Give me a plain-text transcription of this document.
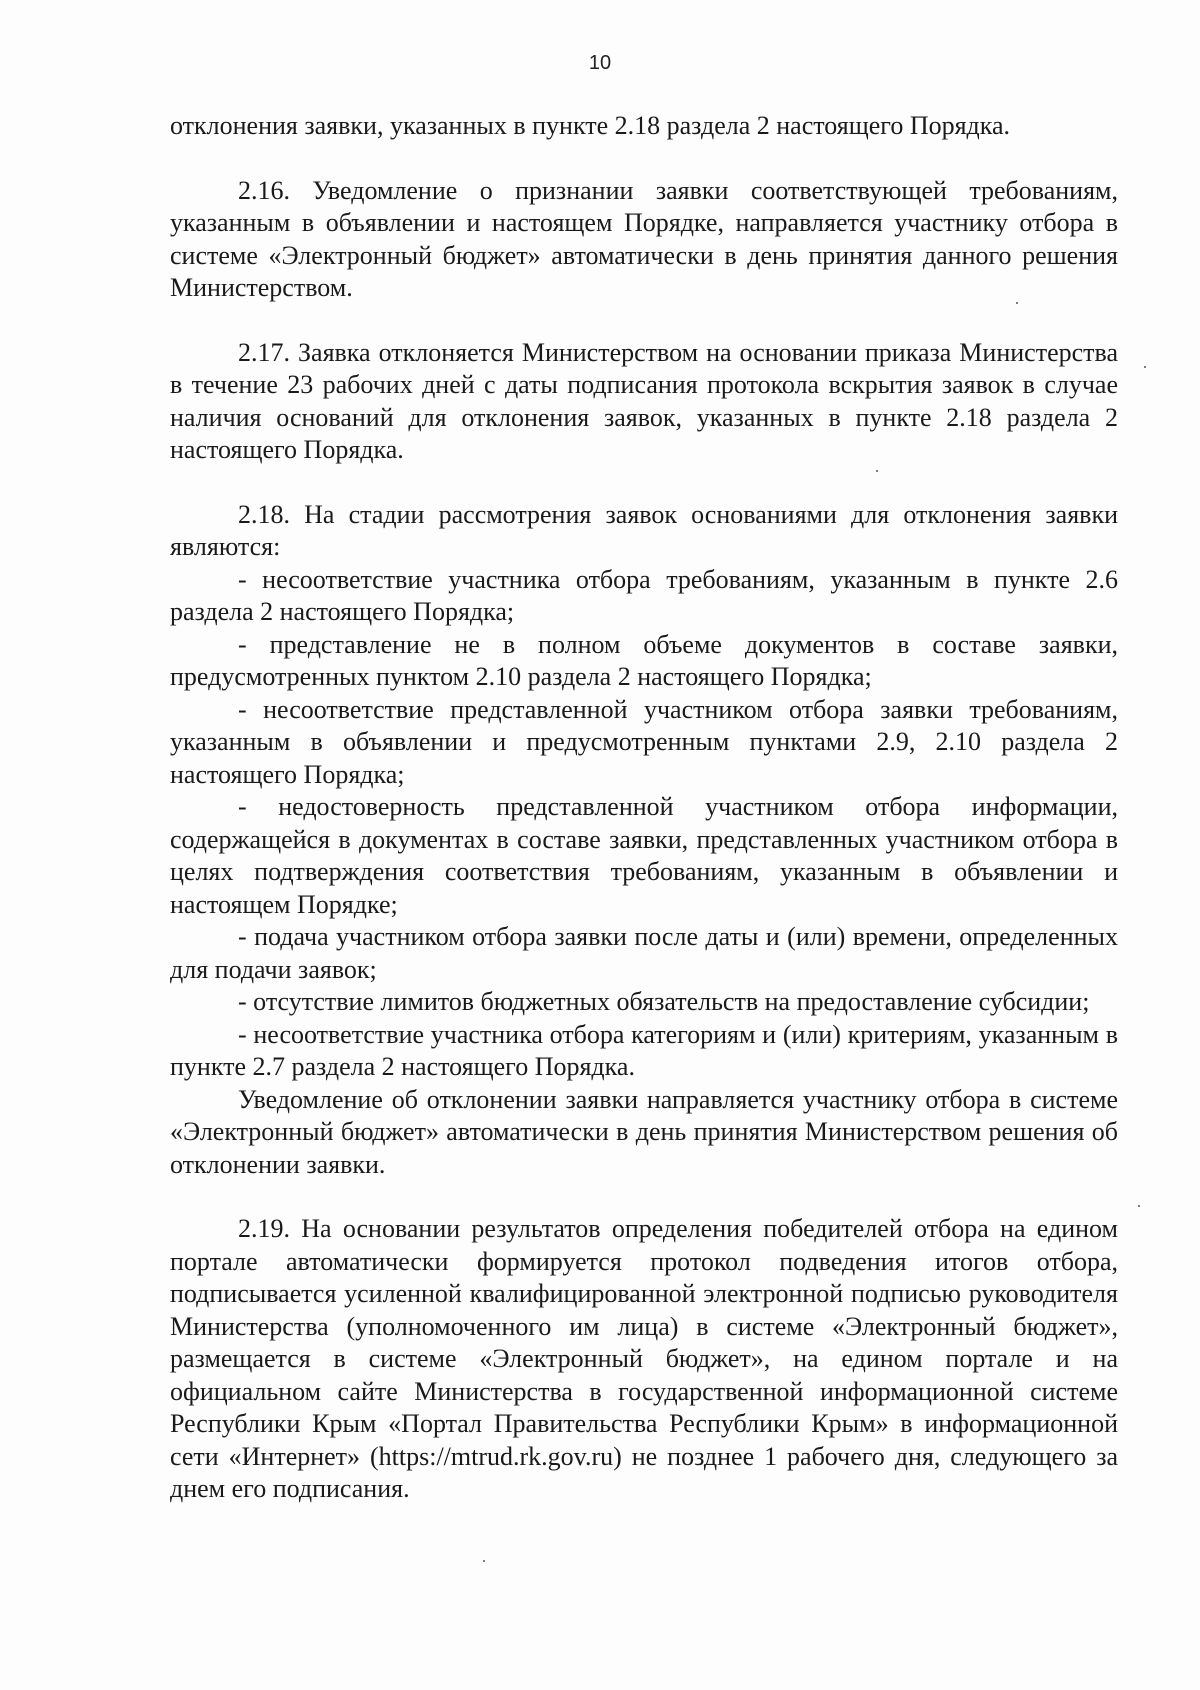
10

отклонения заявки, указанных в пункте 2.18 раздела 2 настоящего Порядка.

2.16. Уведомление о признании заявки соответствующей требованиям, указанным в объявлении и настоящем Порядке, направляется участнику отбора в системе «Электронный бюджет» автоматически в день принятия данного решения Министерством.

2.17. Заявка отклоняется Министерством на основании приказа Министерства в течение 23 рабочих дней с даты подписания протокола вскрытия заявок в случае наличия оснований для отклонения заявок, указанных в пункте 2.18 раздела 2 настоящего Порядка.

2.18. На стадии рассмотрения заявок основаниями для отклонения заявки являются:

- несоответствие участника отбора требованиям, указанным в пункте 2.6 раздела 2 настоящего Порядка;

- представление не в полном объеме документов в составе заявки, предусмотренных пунктом 2.10 раздела 2 настоящего Порядка;

- несоответствие представленной участником отбора заявки требованиям, указанным в объявлении и предусмотренным пунктами 2.9, 2.10 раздела 2 настоящего Порядка;

- недостоверность представленной участником отбора информации, содержащейся в документах в составе заявки, представленных участником отбора в целях подтверждения соответствия требованиям, указанным в объявлении и настоящем Порядке;

- подача участником отбора заявки после даты и (или) времени, определенных для подачи заявок;

- отсутствие лимитов бюджетных обязательств на предоставление субсидии;

- несоответствие участника отбора категориям и (или) критериям, указанным в пункте 2.7 раздела 2 настоящего Порядка.

Уведомление об отклонении заявки направляется участнику отбора в системе «Электронный бюджет» автоматически в день принятия Министерством решения об отклонении заявки.

2.19. На основании результатов определения победителей отбора на едином портале автоматически формируется протокол подведения итогов отбора, подписывается усиленной квалифицированной электронной подписью руководителя Министерства (уполномоченного им лица) в системе «Электронный бюджет», размещается в системе «Электронный бюджет», на едином портале и на официальном сайте Министерства в государственной информационной системе Республики Крым «Портал Правительства Республики Крым» в информационной сети «Интернет» (https://mtrud.rk.gov.ru) не позднее 1 рабочего дня, следующего за днем его подписания.
